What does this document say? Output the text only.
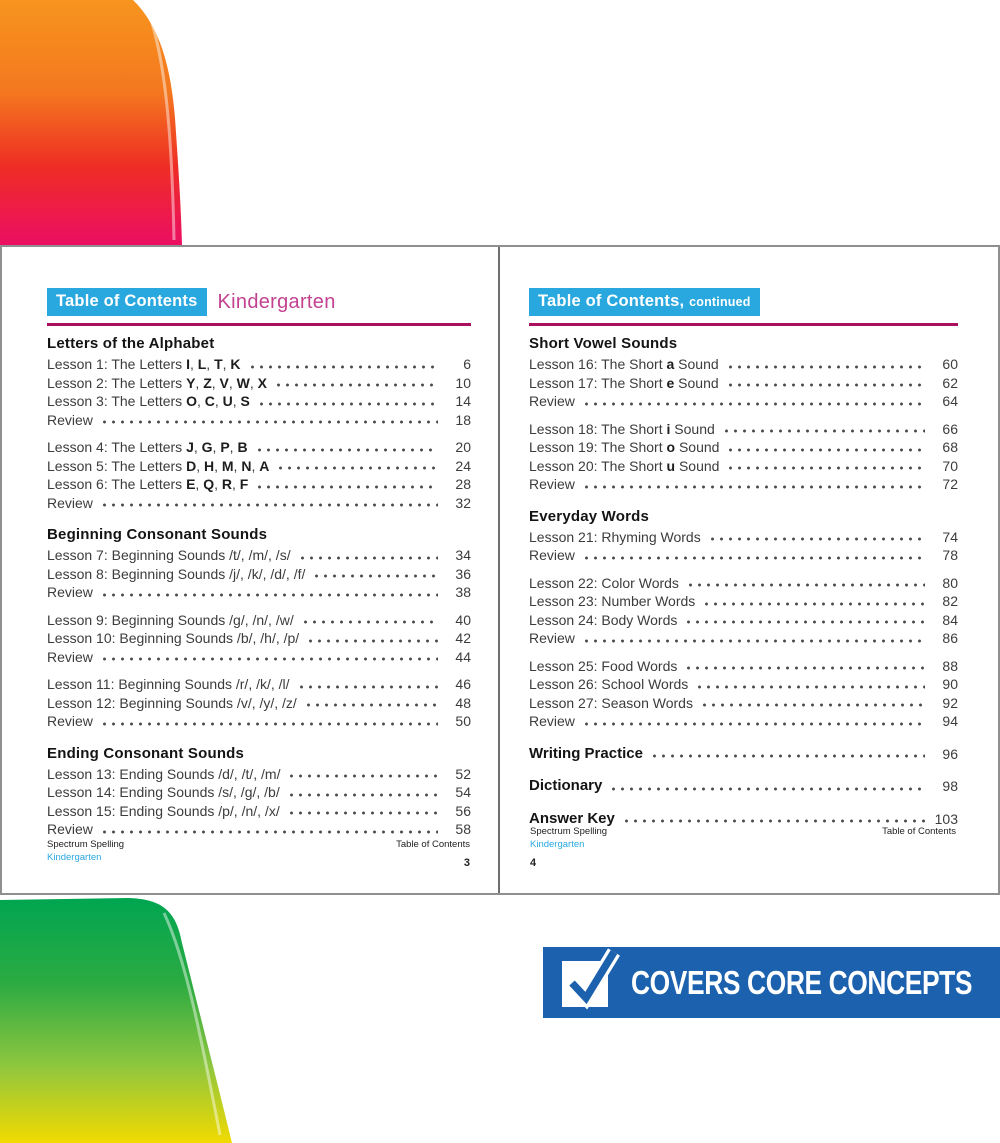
Table of Contents	Kindergarten
Letters of the Alphabet
Lesson 1: The Letters I, L, T, K	6
Lesson 2: The Letters Y, Z, V, W, X	10
Lesson 3: The Letters O, C, U, S	14
Review	18
Lesson 4: The Letters J, G, P, B	20
Lesson 5: The Letters D, H, M, N, A	24
Lesson 6: The Letters E, Q, R, F	28
Review	32
Beginning Consonant Sounds
Lesson 7: Beginning Sounds /t/, /m/, /s/	34
Lesson 8: Beginning Sounds /j/, /k/, /d/, /f/	36
Review	38
Lesson 9: Beginning Sounds /g/, /n/, /w/	40
Lesson 10: Beginning Sounds /b/, /h/, /p/	42
Review	44
Lesson 11: Beginning Sounds /r/, /k/, /l/	46
Lesson 12: Beginning Sounds /v/, /y/, /z/	48
Review	50
Ending Consonant Sounds
Lesson 13: Ending Sounds /d/, /t/, /m/	52
Lesson 14: Ending Sounds /s/, /g/, /b/	54
Lesson 15: Ending Sounds /p/, /n/, /x/	56
Review	58
Spectrum Spelling
Kindergarten
Table of Contents
3
Table of Contents, continued
Short Vowel Sounds
Lesson 16: The Short a Sound	60
Lesson 17: The Short e Sound	62
Review	64
Lesson 18: The Short i Sound	66
Lesson 19: The Short o Sound	68
Lesson 20: The Short u Sound	70
Review	72
Everyday Words
Lesson 21: Rhyming Words	74
Review	78
Lesson 22: Color Words	80
Lesson 23: Number Words	82
Lesson 24: Body Words	84
Review	86
Lesson 25: Food Words	88
Lesson 26: School Words	90
Lesson 27: Season Words	92
Review	94
Writing Practice	96
Dictionary	98
Answer Key	103
Spectrum Spelling
Kindergarten
4
Table of Contents
COVERS CORE CONCEPTS
